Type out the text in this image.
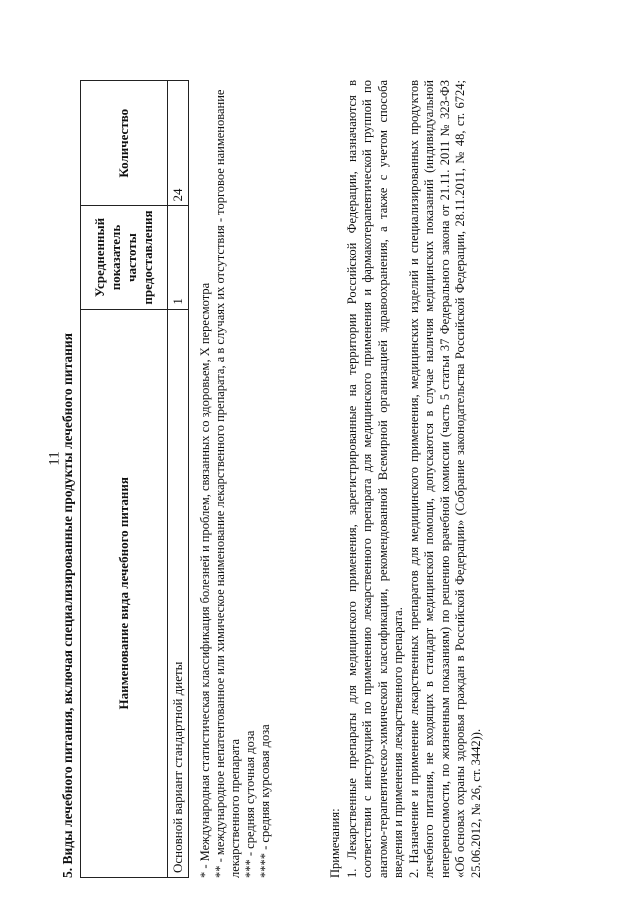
11
5. Виды лечебного питания, включая специализированные продукты лечебного питания	Наименование вида лечебного питания	Усредненный показатель частоты предоставления	Количество
Основной вариант стандартной диеты	1	24

* - Международная статистическая классификация болезней и проблем, связанных со здоровьем, X пересмотра ** - международное непатентованное или химическое наименование лекарственного препарата, а в случаях их отсутствия - торговое наименование лекарственного препарата *** - средняя суточная доза **** - средняя курсовая доза	Примечания: 1. Лекарственные препараты для медицинского применения, зарегистрированные на территории Российской Федерации, назначаются в соответствии с инструкцией по применению лекарственного препарата для медицинского применения и фармакотерапевтической группой по анатомо-терапевтическо-химической классификации, рекомендованной Всемирной организацией здравоохранения, а также с учетом способа введения и применения лекарственного препарата. 2. Назначение и применение лекарственных препаратов для медицинского применения, медицинских изделий и специализированных продуктов лечебного питания, не входящих в стандарт медицинской помощи, допускаются в случае наличия медицинских показаний (индивидуальной непереносимости, по жизненным показаниям) по решению врачебной комиссии (часть 5 статьи 37 Федерального закона от 21.11. 2011 № 323-ФЗ «Об основах охраны здоровья граждан в Российской Федерации» (Собрание законодательства Российской Федерации, 28.11.2011, № 48, ст. 6724; 25.06.2012, № 26, ст. 3442)).
